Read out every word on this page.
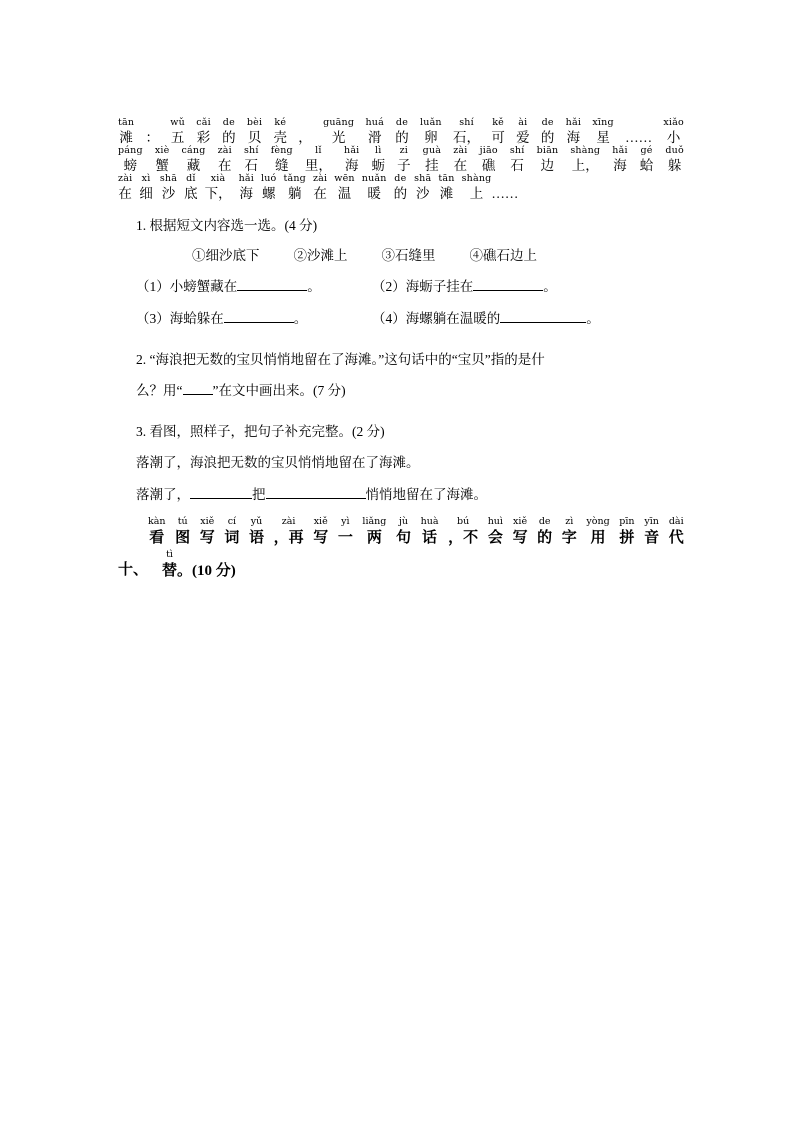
tān
滩 ：
wǔ
五
cǎi
彩
de
的
bèi
贝
ké
壳 ，
guāng
光
huá
滑
de
的
luǎn
卵
shí
石，
kě
可
ài
爱
de
的
hǎi
海
xīng
星 ……
xiǎo
小
páng
螃
xiè
蟹
cáng
藏
zài
在
shí
石
fèng
缝
lǐ
里，
hǎi
海
lì
蛎
zi
子
guà
挂
zài
在
jiāo
礁
shí
石
biān
边
shàng
上，
hǎi
海
gé
蛤
duǒ
躲
zài
在
xì
细
shā
沙
dǐ
底
xià
下，
hǎi
海
luó
螺
tǎng
躺
zài
在
wēn
温
nuǎn
暖
de
的
shā
沙
tān
滩
shàng
上 ……
1. 根据短文内容选一选。(4 分)
①细沙底下	②沙滩上	③石缝里	④礁石边上
（1）小螃蟹藏在	。	（2）海蛎子挂在	。
（3）海蛤躲在	。	（4）海螺躺在温暖的	。
2. “海浪把无数的宝贝悄悄地留在了海滩。”这句话中的“宝贝”指的是什
么？用“ ”在文中画出来。(7 分)
3. 看图，照样子，把句子补充完整。(2 分)
落潮了，海浪把无数的宝贝悄悄地留在了海滩。
落潮了，	把	悄悄地留在了海滩。
十、
kàn
看
tú
图
xiě
写
cí
词
yǔ
语
zài
，再
xiě
写
yì
一
liǎng
两
jù
句
huà
话
bú
，不
huì
会
xiě
写
de
的
zì
字
yòng
用
pīn
拼
yīn
音
dài
代
tì
替 。(10 分)
